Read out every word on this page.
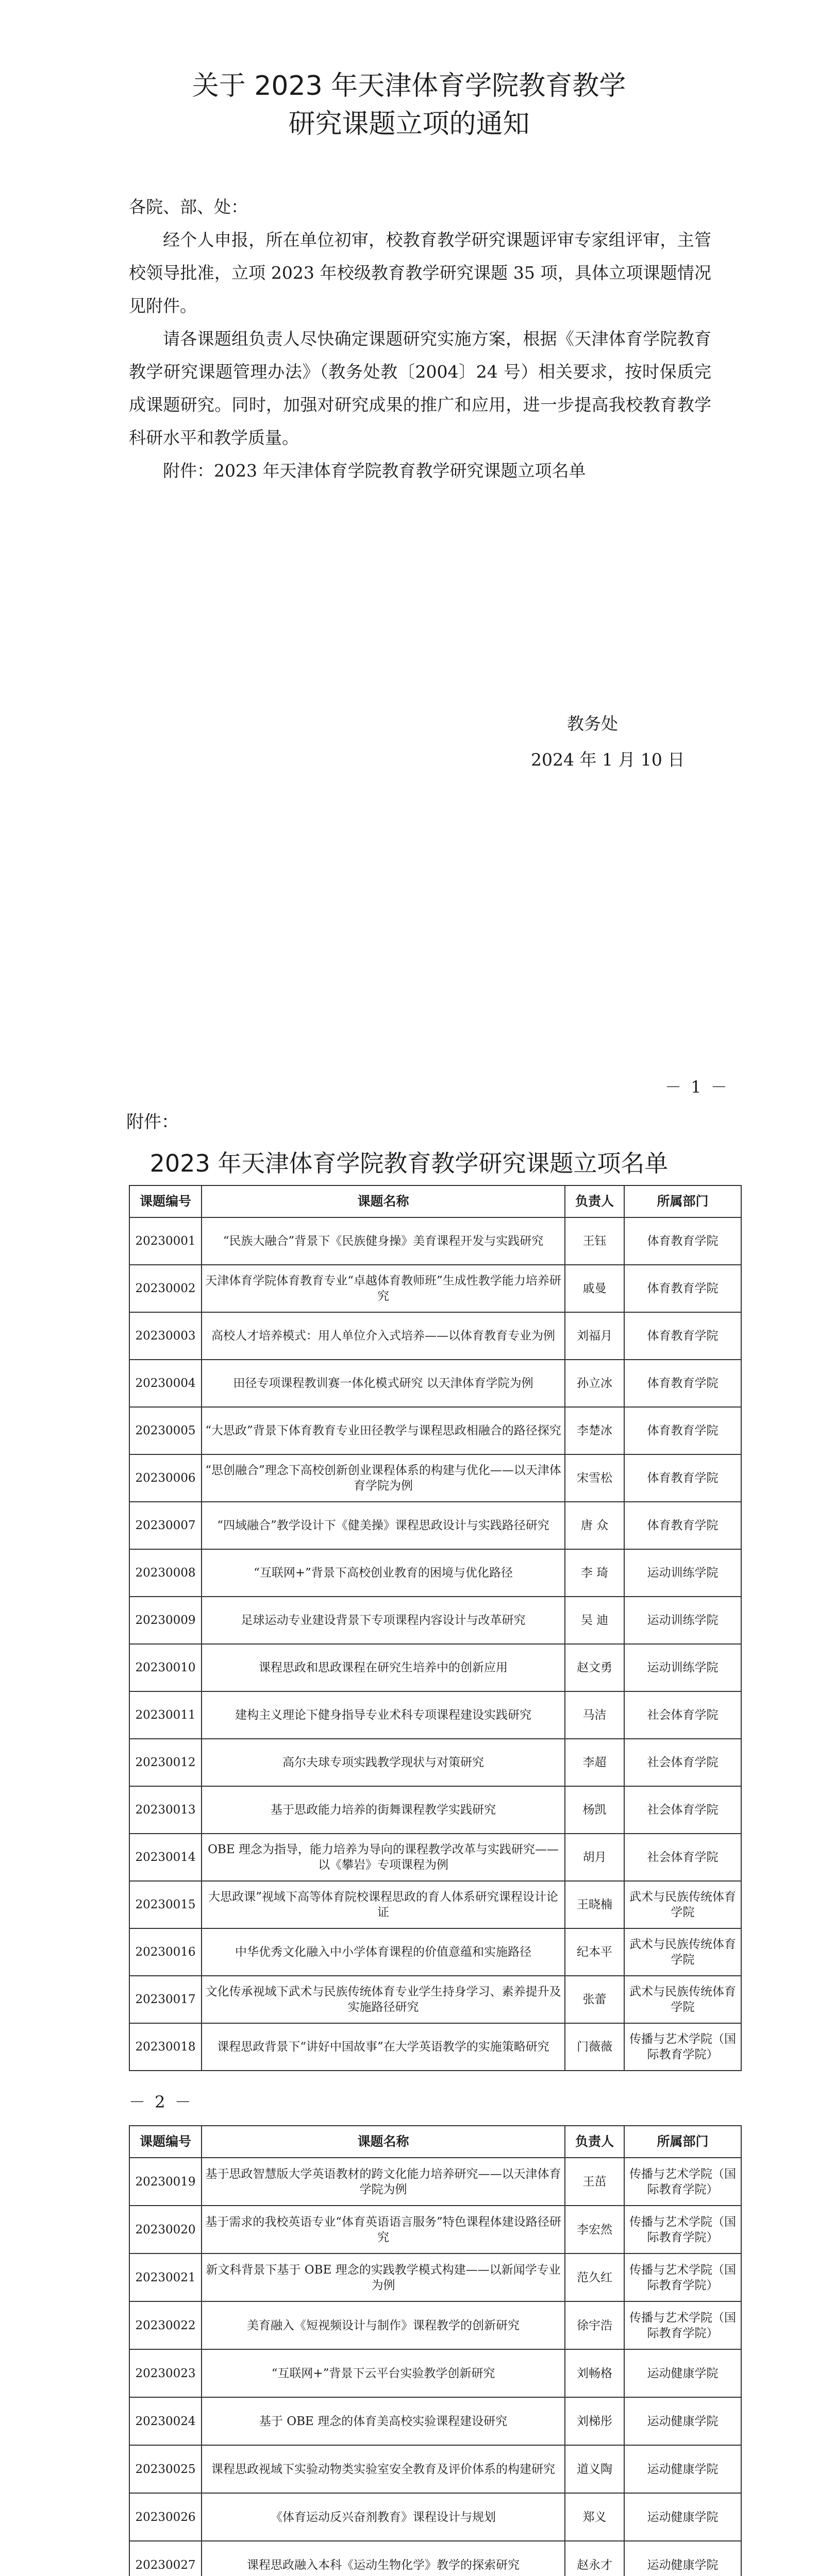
关于 2023 年天津体育学院教育教学
研究课题立项的通知

各院、部、处：

经个人申报，所在单位初审，校教育教学研究课题评审专家组评审，主管校领导批准，立项 2023 年校级教育教学研究课题 35 项，具体立项课题情况见附件。

请各课题组负责人尽快确定课题研究实施方案，根据《天津体育学院教育教学研究课题管理办法》（教务处教〔2004〕24 号）相关要求，按时保质完成课题研究。同时，加强对研究成果的推广和应用，进一步提高我校教育教学科研水平和教学质量。

附件：2023 年天津体育学院教育教学研究课题立项名单

教务处
2024 年 1 月 10 日
－ 1 －
附件：
2023 年天津体育学院教育教学研究课题立项名单
课题编号	课题名称	负责人	所属部门
20230001	“民族大融合”背景下《民族健身操》美育课程开发与实践研究	王钰	体育教育学院
20230002	天津体育学院体育教育专业“卓越体育教师班”生成性教学能力培养研究	戚曼	体育教育学院
20230003	高校人才培养模式：用人单位介入式培养——以体育教育专业为例	刘福月	体育教育学院
20230004	田径专项课程教训赛一体化模式研究 以天津体育学院为例	孙立冰	体育教育学院
20230005	“大思政”背景下体育教育专业田径教学与课程思政相融合的路径探究	李楚冰	体育教育学院
20230006	“思创融合”理念下高校创新创业课程体系的构建与优化——以天津体育学院为例	宋雪松	体育教育学院
20230007	“四域融合”教学设计下《健美操》课程思政设计与实践路径研究	唐 众	体育教育学院
20230008	“互联网+”背景下高校创业教育的困境与优化路径	李 琦	运动训练学院
20230009	足球运动专业建设背景下专项课程内容设计与改革研究	吴 迪	运动训练学院
20230010	课程思政和思政课程在研究生培养中的创新应用	赵文勇	运动训练学院
20230011	建构主义理论下健身指导专业术科专项课程建设实践研究	马洁	社会体育学院
20230012	高尔夫球专项实践教学现状与对策研究	李超	社会体育学院
20230013	基于思政能力培养的街舞课程教学实践研究	杨凯	社会体育学院
20230014	OBE 理念为指导，能力培养为导向的课程教学改革与实践研究——以《攀岩》专项课程为例	胡月	社会体育学院
20230015	大思政课”视域下高等体育院校课程思政的育人体系研究课程设计论证	王晓楠	武术与民族传统体育学院
20230016	中华优秀文化融入中小学体育课程的价值意蕴和实施路径	纪本平	武术与民族传统体育学院
20230017	文化传承视域下武术与民族传统体育专业学生持身学习、素养提升及实施路径研究	张蕾	武术与民族传统体育学院
20230018	课程思政背景下“讲好中国故事”在大学英语教学的实施策略研究	门薇薇	传播与艺术学院（国际教育学院）
－ 2 －
课题编号	课题名称	负责人	所属部门
20230019	基于思政智慧版大学英语教材的跨文化能力培养研究——以天津体育学院为例	王茁	传播与艺术学院（国际教育学院）
20230020	基于需求的我校英语专业“体育英语语言服务”特色课程体建设路径研究	李宏然	传播与艺术学院（国际教育学院）
20230021	新文科背景下基于 OBE 理念的实践教学模式构建——以新闻学专业为例	范久红	传播与艺术学院（国际教育学院）
20230022	美育融入《短视频设计与制作》课程教学的创新研究	徐宇浩	传播与艺术学院（国际教育学院）
20230023	“互联网+”背景下云平台实验教学创新研究	刘畅格	运动健康学院
20230024	基于 OBE 理念的体育美高校实验课程建设研究	刘梯彤	运动健康学院
20230025	课程思政视域下实验动物类实验室安全教育及评价体系的构建研究	道义陶	运动健康学院
20230026	《体育运动反兴奋剂教育》课程设计与规划	郑义	运动健康学院
20230027	课程思政融入本科《运动生物化学》教学的探索研究	赵永才	运动健康学院
